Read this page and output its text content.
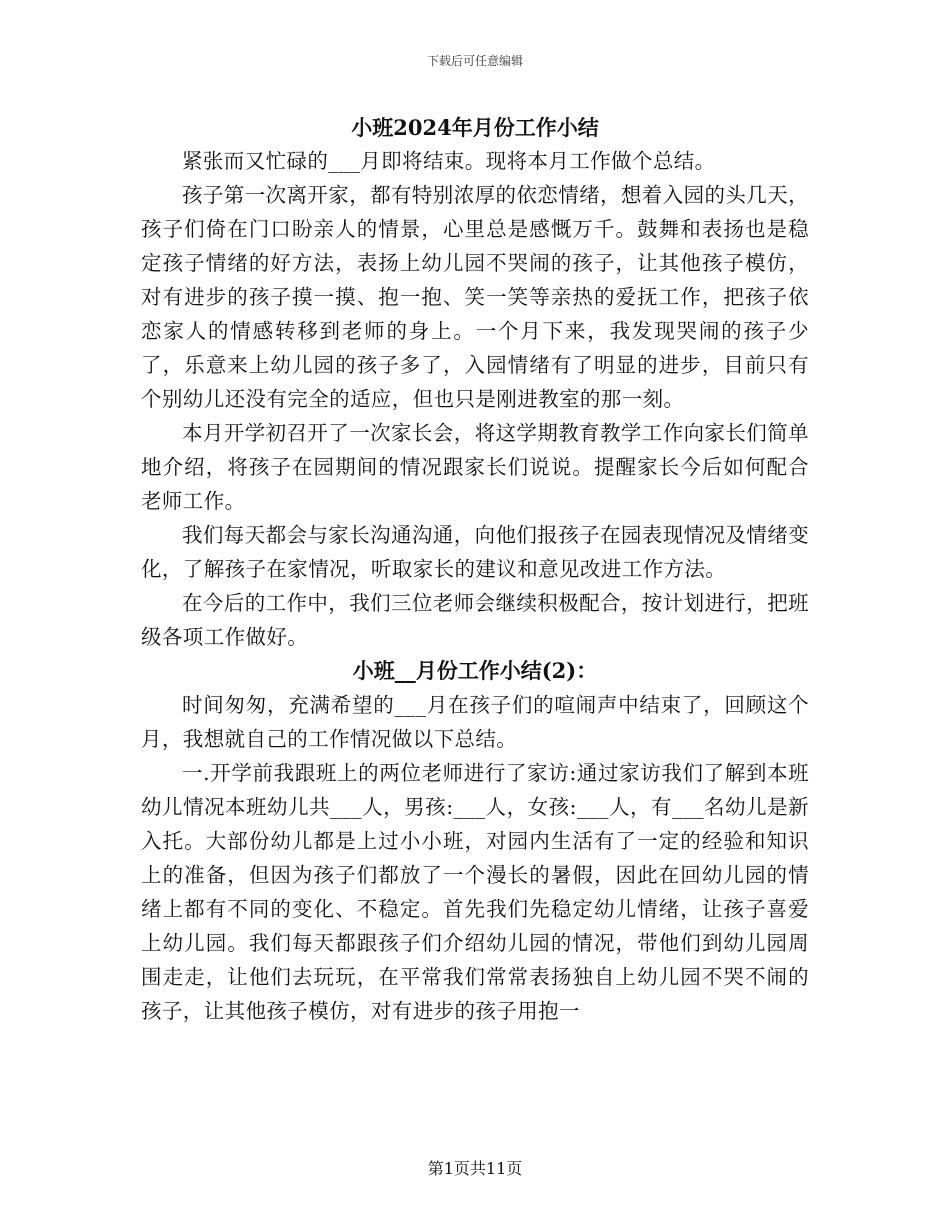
下载后可任意编辑
小班2024年月份工作小结

紧张而又忙碌的___月即将结束。现将本月工作做个总结。

孩子第一次离开家，都有特别浓厚的依恋情绪，想着入园的头几天，孩子们倚在门口盼亲人的情景，心里总是感慨万千。鼓舞和表扬也是稳定孩子情绪的好方法，表扬上幼儿园不哭闹的孩子，让其他孩子模仿，对有进步的孩子摸一摸、抱一抱、笑一笑等亲热的爱抚工作，把孩子依恋家人的情感转移到老师的身上。一个月下来，我发现哭闹的孩子少了，乐意来上幼儿园的孩子多了，入园情绪有了明显的进步，目前只有个别幼儿还没有完全的适应，但也只是刚进教室的那一刻。

本月开学初召开了一次家长会，将这学期教育教学工作向家长们简单地介绍，将孩子在园期间的情况跟家长们说说。提醒家长今后如何配合老师工作。

我们每天都会与家长沟通沟通，向他们报孩子在园表现情况及情绪变化，了解孩子在家情况，听取家长的建议和意见改进工作方法。

在今后的工作中，我们三位老师会继续积极配合，按计划进行，把班级各项工作做好。

小班__月份工作小结(2)：

时间匆匆，充满希望的___月在孩子们的喧闹声中结束了，回顾这个月，我想就自己的工作情况做以下总结。

一.开学前我跟班上的两位老师进行了家访:通过家访我们了解到本班幼儿情况本班幼儿共___人，男孩:___人，女孩:___人，有___名幼儿是新入托。大部份幼儿都是上过小小班，对园内生活有了一定的经验和知识上的准备，但因为孩子们都放了一个漫长的暑假，因此在回幼儿园的情绪上都有不同的变化、不稳定。首先我们先稳定幼儿情绪，让孩子喜爱上幼儿园。我们每天都跟孩子们介绍幼儿园的情况，带他们到幼儿园周围走走，让他们去玩玩，在平常我们常常表扬独自上幼儿园不哭不闹的孩子，让其他孩子模仿，对有进步的孩子用抱一

第1页共11页
